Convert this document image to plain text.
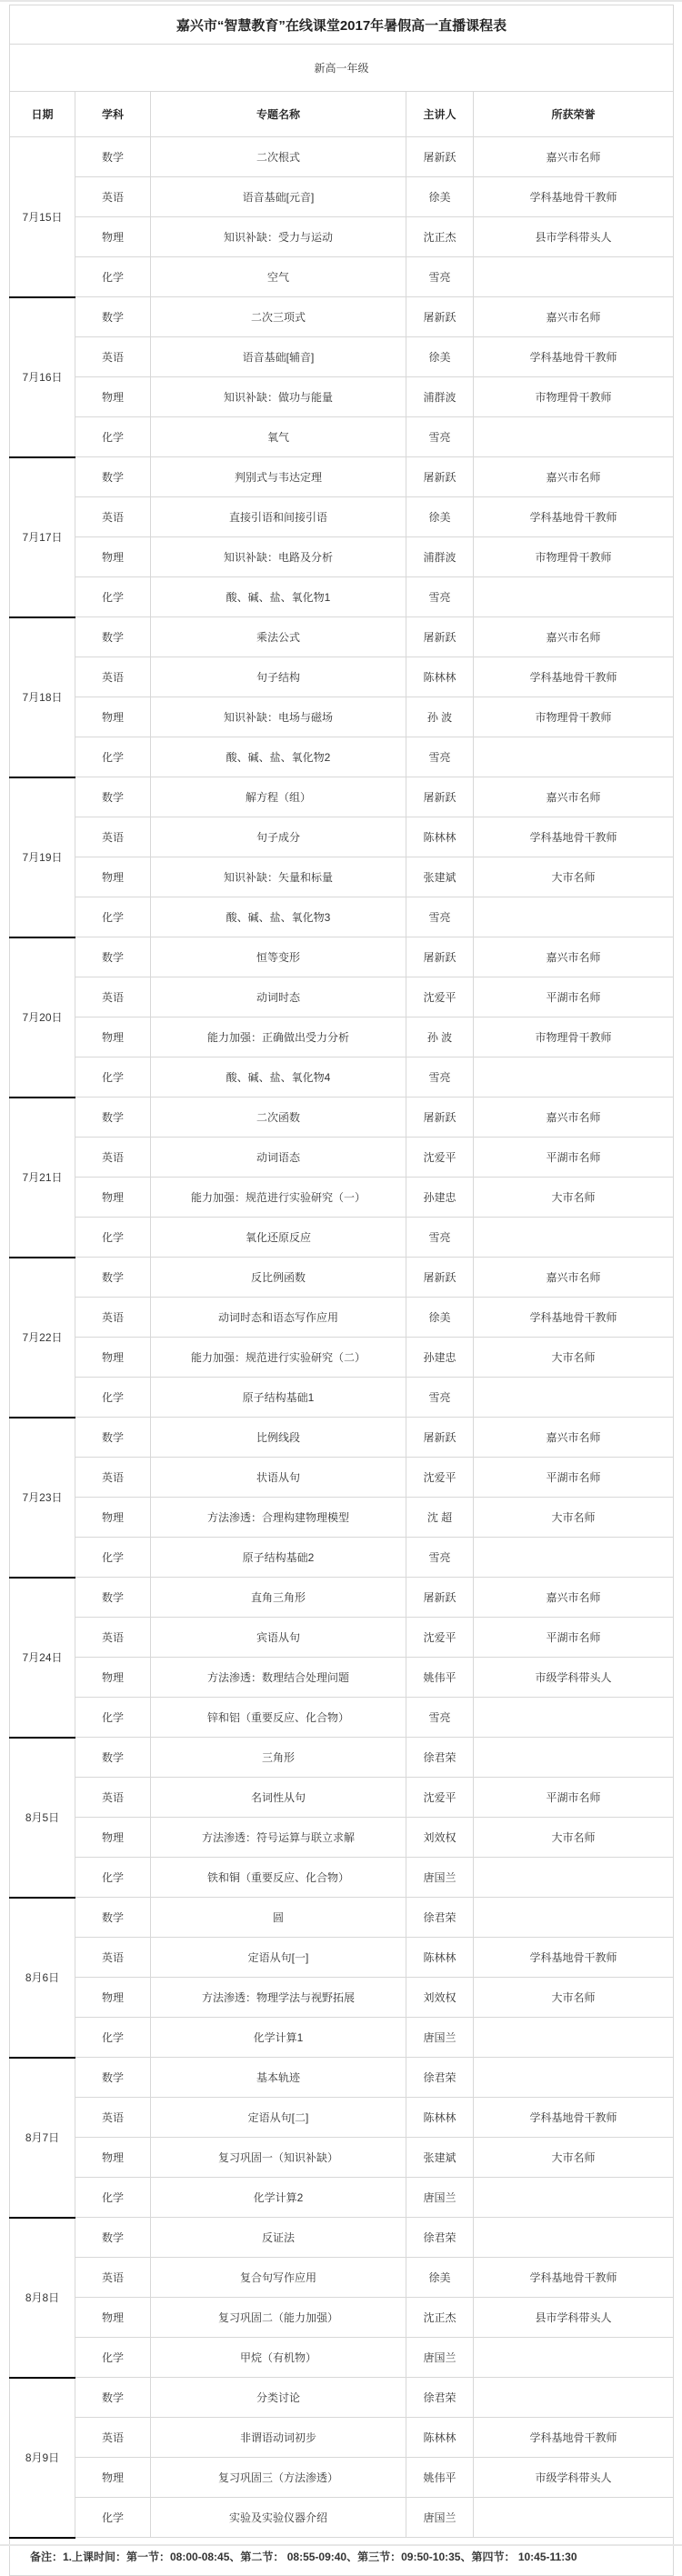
嘉兴市“智慧教育”在线课堂2017年暑假高一直播课程表				
新高一年级				
日期	学科	专题名称	主讲人	所获荣誉
7月15日	数学	二次根式	屠新跃	嘉兴市名师
	英语	语音基础[元音]	徐美	学科基地骨干教师
	物理	知识补缺：受力与运动	沈正杰	县市学科带头人
	化学	空气	雪亮	
7月16日	数学	二次三项式	屠新跃	嘉兴市名师
	英语	语音基础[辅音]	徐美	学科基地骨干教师
	物理	知识补缺：做功与能量	浦群波	市物理骨干教师
	化学	氧气	雪亮	
7月17日	数学	判别式与韦达定理	屠新跃	嘉兴市名师
	英语	直接引语和间接引语	徐美	学科基地骨干教师
	物理	知识补缺：电路及分析	浦群波	市物理骨干教师
	化学	酸、碱、盐、氧化物1	雪亮	
7月18日	数学	乘法公式	屠新跃	嘉兴市名师
	英语	句子结构	陈林林	学科基地骨干教师
	物理	知识补缺：电场与磁场	孙 波	市物理骨干教师
	化学	酸、碱、盐、氧化物2	雪亮	
7月19日	数学	解方程（组）	屠新跃	嘉兴市名师
	英语	句子成分	陈林林	学科基地骨干教师
	物理	知识补缺：矢量和标量	张建斌	大市名师
	化学	酸、碱、盐、氧化物3	雪亮	
7月20日	数学	恒等变形	屠新跃	嘉兴市名师
	英语	动词时态	沈爱平	平湖市名师
	物理	能力加强：正确做出受力分析	孙 波	市物理骨干教师
	化学	酸、碱、盐、氧化物4	雪亮	
7月21日	数学	二次函数	屠新跃	嘉兴市名师
	英语	动词语态	沈爱平	平湖市名师
	物理	能力加强：规范进行实验研究（一）	孙建忠	大市名师
	化学	氧化还原反应	雪亮	
7月22日	数学	反比例函数	屠新跃	嘉兴市名师
	英语	动词时态和语态写作应用	徐美	学科基地骨干教师
	物理	能力加强：规范进行实验研究（二）	孙建忠	大市名师
	化学	原子结构基础1	雪亮	
7月23日	数学	比例线段	屠新跃	嘉兴市名师
	英语	状语从句	沈爱平	平湖市名师
	物理	方法渗透：合理构建物理模型	沈 超	大市名师
	化学	原子结构基础2	雪亮	
7月24日	数学	直角三角形	屠新跃	嘉兴市名师
	英语	宾语从句	沈爱平	平湖市名师
	物理	方法渗透：数理结合处理问题	姚伟平	市级学科带头人
	化学	锌和铝（重要反应、化合物）	雪亮	
8月5日	数学	三角形	徐君荣	
	英语	名词性从句	沈爱平	平湖市名师
	物理	方法渗透：符号运算与联立求解	刘效权	大市名师
	化学	铁和铜（重要反应、化合物）	唐国兰	
8月6日	数学	圆	徐君荣	
	英语	定语从句[一]	陈林林	学科基地骨干教师
	物理	方法渗透：物理学法与视野拓展	刘效权	大市名师
	化学	化学计算1	唐国兰	
8月7日	数学	基本轨迹	徐君荣	
	英语	定语从句[二]	陈林林	学科基地骨干教师
	物理	复习巩固一（知识补缺）	张建斌	大市名师
	化学	化学计算2	唐国兰	
8月8日	数学	反证法	徐君荣	
	英语	复合句写作应用	徐美	学科基地骨干教师
	物理	复习巩固二（能力加强）	沈正杰	县市学科带头人
	化学	甲烷（有机物）	唐国兰	
8月9日	数学	分类讨论	徐君荣	
	英语	非谓语动词初步	陈林林	学科基地骨干教师
	物理	复习巩固三（方法渗透）	姚伟平	市级学科带头人
	化学	实验及实验仪器介绍	唐国兰	
备注：1.上课时间：第一节：08:00-08:45、第二节： 08:55-09:40、第三节：09:50-10:35、第四节： 10:45-11:30				
